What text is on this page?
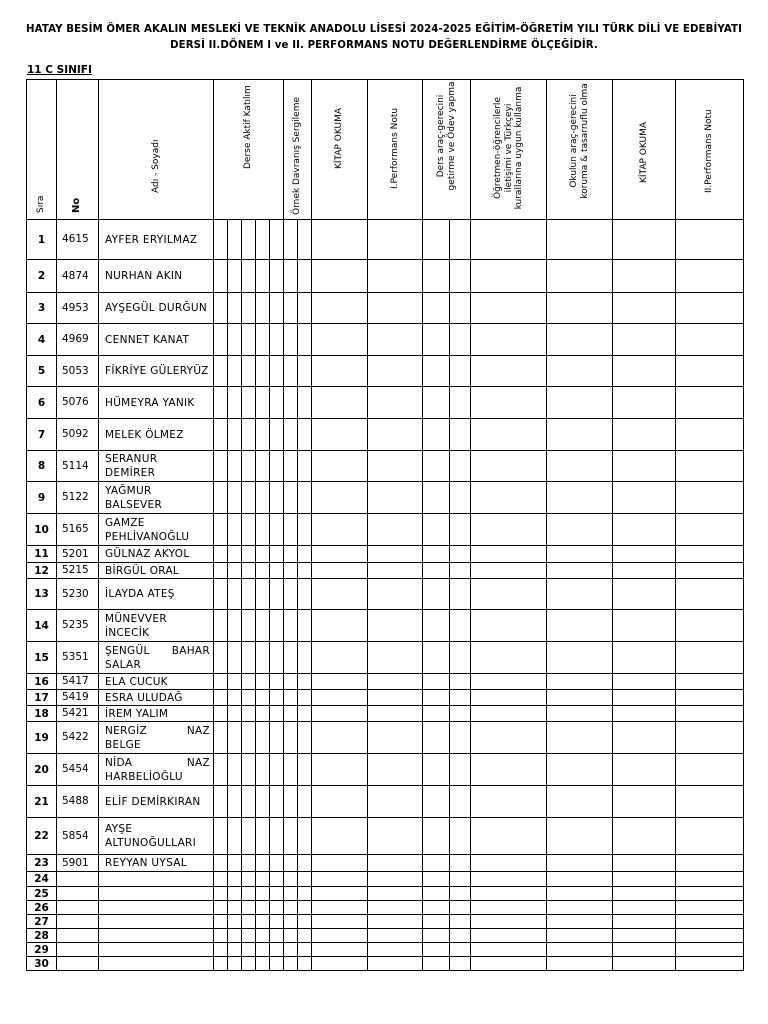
HATAY BESİM ÖMER AKALIN MESLEKİ VE TEKNİK ANADOLU LİSESİ 2024-2025 EĞİTİM-ÖĞRETİM YILI TÜRK DİLİ VE EDEBİYATI DERSİ II.DÖNEM I ve II. PERFORMANS NOTU DEĞERLENDİRME ÖLÇEĞİDİR.
11 C SINIFI
Sıra	No	Adı - Soyadı	Derse Aktif Katılım					Örnek Davranış Sergileme		KİTAP OKUMA	I.Performans Notu	Ders araç-gerecini getirme ve Ödev yapma		Öğretmen-öğrencilerle iletişimi ve Türkçeyi kurallarına uygun kullanma	Okulun araç-gerecini koruma & tasarruflu olma	KİTAP OKUMA	II.Performans Notu

1	4615	AYFER ERYILMAZ															
2	4874	NURHAN AKIN															
3	4953	AYŞEGÜL DURĞUN															
4	4969	CENNET KANAT															
5	5053	FİKRİYE GÜLERYÜZ															
6	5076	HÜMEYRA YANIK															
7	5092	MELEK ÖLMEZ															
8	5114	SERANUR DEMİRER															
9	5122	YAĞMUR BALSEVER															
10	5165	GAMZE PEHLİVANOĞLU															
11	5201	GÜLNAZ AKYOL															
12	5215	BİRGÜL ORAL															
13	5230	İLAYDA ATEŞ															
14	5235	MÜNEVVER İNCECİK															
15	5351	ŞENGÜL BAHAR SALAR															
16	5417	ELA CUCUK															
17	5419	ESRA ULUDAĞ															
18	5421	İREM YALIM															
19	5422	NERGİZ NAZ BELGE															
20	5454	NİDA NAZ HARBELİOĞLU															
21	5488	ELİF DEMİRKIRAN															
22	5854	AYŞE ALTUNOĞULLARI															
23	5901	REYYAN UYSAL															
24																	
25																	
26																	
27																	
28																	
29																	
30																	
